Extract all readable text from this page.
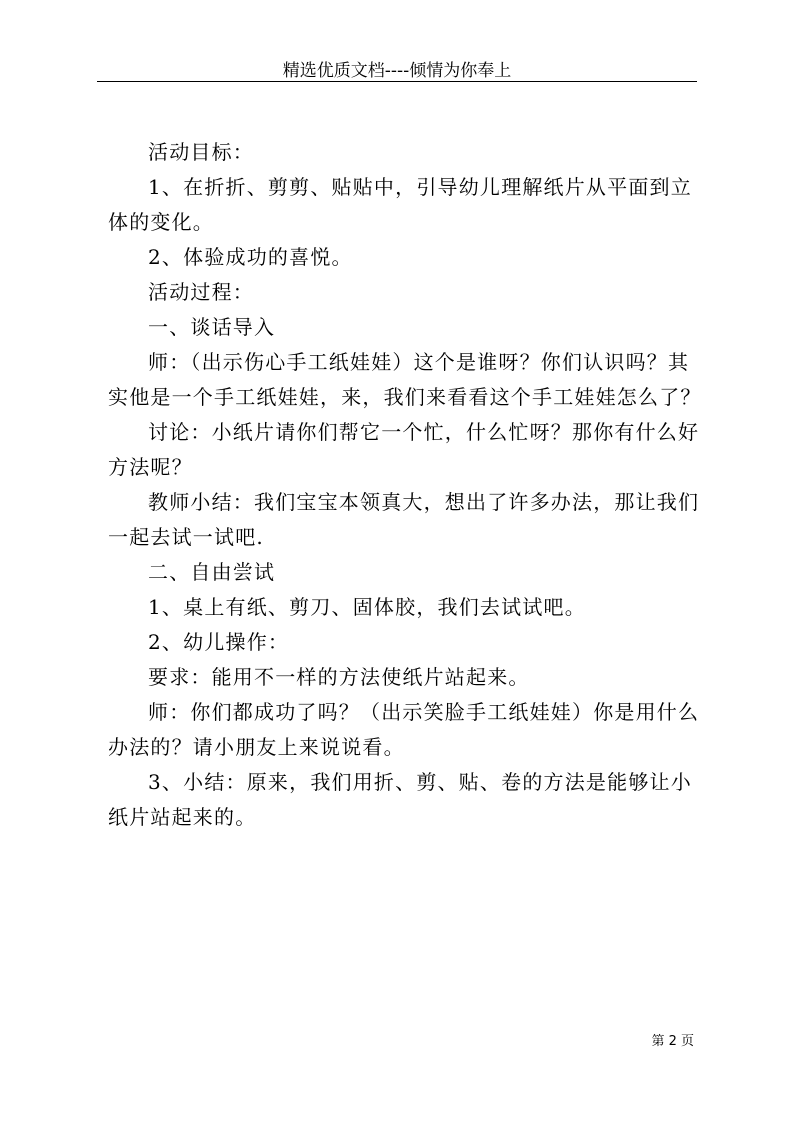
精选优质文档----倾情为你奉上

活动目标：

1、在折折、剪剪、贴贴中，引导幼儿理解纸片从平面到立体的变化。

2、体验成功的喜悦。

活动过程：

一、谈话导入

师：（出示伤心手工纸娃娃）这个是谁呀？你们认识吗？其实他是一个手工纸娃娃，来，我们来看看这个手工娃娃怎么了？

讨论：小纸片请你们帮它一个忙，什么忙呀？那你有什么好方法呢？

教师小结：我们宝宝本领真大，想出了许多办法，那让我们一起去试一试吧.

二、自由尝试

1、桌上有纸、剪刀、固体胶，我们去试试吧。

2、幼儿操作：

要求：能用不一样的方法使纸片站起来。

师：你们都成功了吗？（出示笑脸手工纸娃娃）你是用什么办法的？请小朋友上来说说看。

3、小结：原来，我们用折、剪、贴、卷的方法是能够让小纸片站起来的。

第 2 页
